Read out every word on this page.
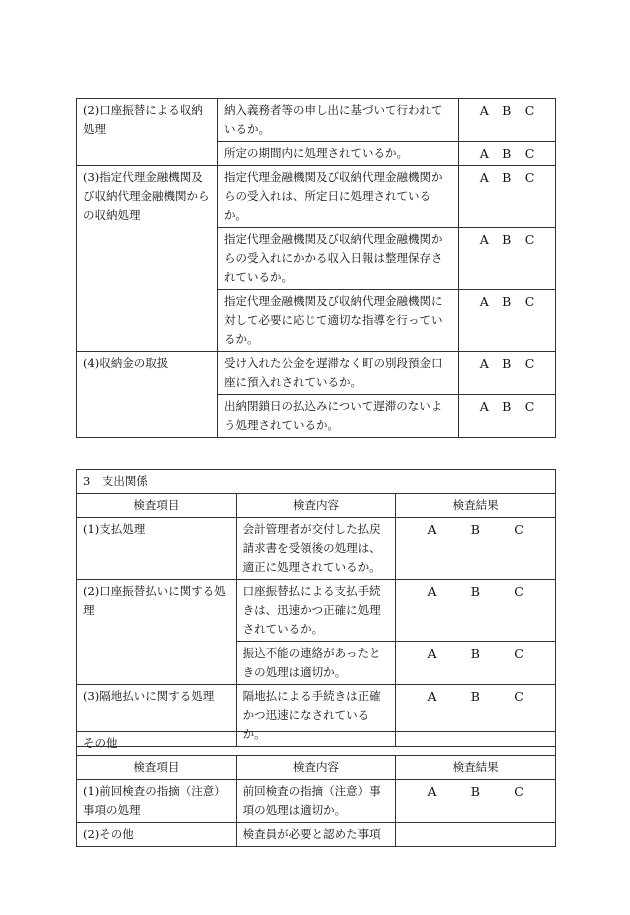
(2)口座振替による収納処理	納入義務者等の申し出に基づいて行われているか。	A B C

	所定の期間内に処理されているか。	A B C

(3)指定代理金融機関及び収納代理金融機関からの収納処理	指定代理金融機関及び収納代理金融機関からの受入れは、所定日に処理されているか。	A B C

	指定代理金融機関及び収納代理金融機関からの受入れにかかる収入日報は整理保存されているか。	A B C

	指定代理金融機関及び収納代理金融機関に対して必要に応じて適切な指導を行っているか。	A B C

(4)収納金の取扱	受け入れた公金を遅滞なく町の別段預金口座に預入れされているか。	A B C

	出納閉鎖日の払込みについて遅滞のないよう処理されているか。	A B C
3　支出関係		
検査項目	検査内容	検査結果
(1)支払処理	会計管理者が交付した払戻請求書を受領後の処理は、適正に処理されているか。	A B C

(2)口座振替払いに関する処理	口座振替払による支払手続きは、迅速かつ正確に処理されているか。	A B C

	振込不能の連絡があったときの処理は適切か。	A B C

(3)隔地払いに関する処理	隔地払による手続きは正確かつ迅速になされているか。	A B C
その他		
検査項目	検査内容	検査結果
(1)前回検査の指摘（注意）事項の処理	前回検査の指摘（注意）事項の処理は適切か。	A B C

(2)その他	検査員が必要と認めた事項	
